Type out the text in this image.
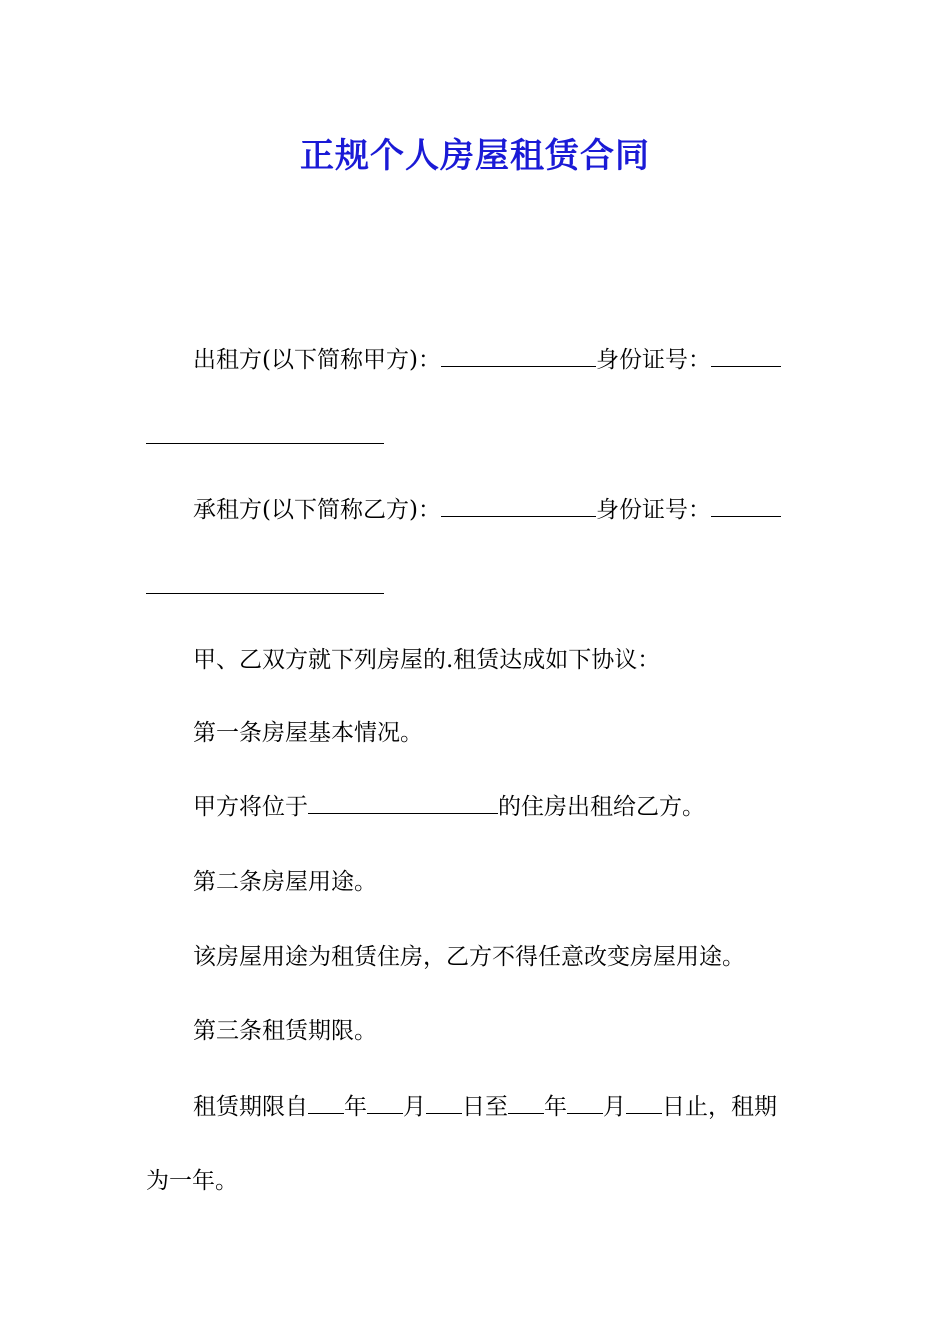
正规个人房屋租赁合同
出租方(以下简称甲方)：	身份证号：
承租方(以下简称乙方)：	身份证号：
甲、乙双方就下列房屋的.租赁达成如下协议：
第一条房屋基本情况。
甲方将位于	的住房出租给乙方。
第二条房屋用途。
该房屋用途为租赁住房，乙方不得任意改变房屋用途。
第三条租赁期限。
租赁期限自 年 月 日至 年 月 日止，租期
为一年。
